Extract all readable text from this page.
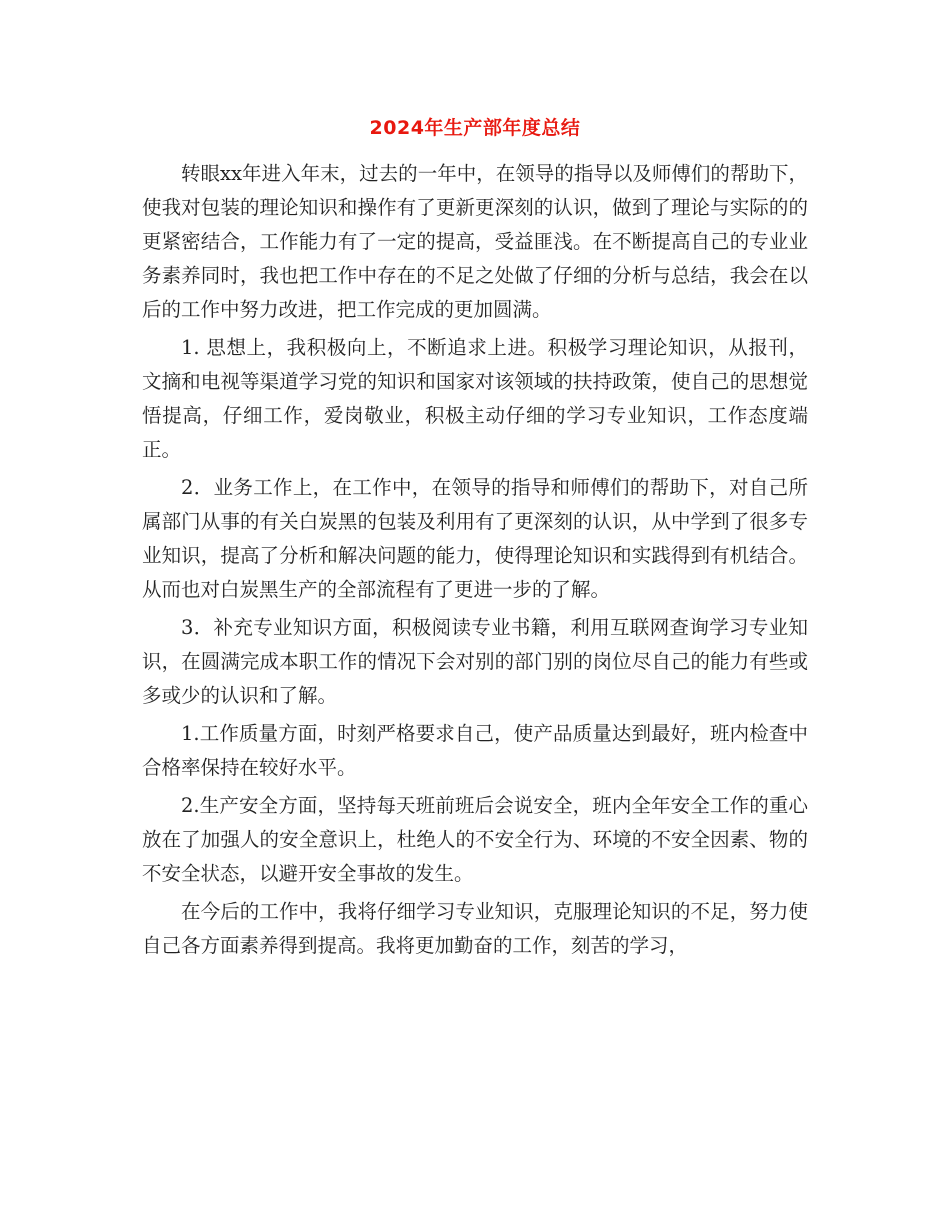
2024年生产部年度总结

转眼xx年进入年末，过去的一年中，在领导的指导以及师傅们的帮助下，使我对包装的理论知识和操作有了更新更深刻的认识，做到了理论与实际的的更紧密结合，工作能力有了一定的提高，受益匪浅。在不断提高自己的专业业务素养同时，我也把工作中存在的不足之处做了仔细的分析与总结，我会在以后的工作中努力改进，把工作完成的更加圆满。

1. 思想上，我积极向上，不断追求上进。积极学习理论知识，从报刊，文摘和电视等渠道学习党的知识和国家对该领域的扶持政策，使自己的思想觉悟提高，仔细工作，爱岗敬业，积极主动仔细的学习专业知识，工作态度端正。

2．业务工作上，在工作中，在领导的指导和师傅们的帮助下，对自己所属部门从事的有关白炭黑的包装及利用有了更深刻的认识，从中学到了很多专业知识，提高了分析和解决问题的能力，使得理论知识和实践得到有机结合。从而也对白炭黑生产的全部流程有了更进一步的了解。

3．补充专业知识方面，积极阅读专业书籍，利用互联网查询学习专业知识，在圆满完成本职工作的情况下会对别的部门别的岗位尽自己的能力有些或多或少的认识和了解。

1.工作质量方面，时刻严格要求自己，使产品质量达到最好，班内检查中合格率保持在较好水平。

2.生产安全方面，坚持每天班前班后会说安全，班内全年安全工作的重心放在了加强人的安全意识上，杜绝人的不安全行为、环境的不安全因素、物的不安全状态，以避开安全事故的发生。

在今后的工作中，我将仔细学习专业知识，克服理论知识的不足，努力使自己各方面素养得到提高。我将更加勤奋的工作，刻苦的学习，
